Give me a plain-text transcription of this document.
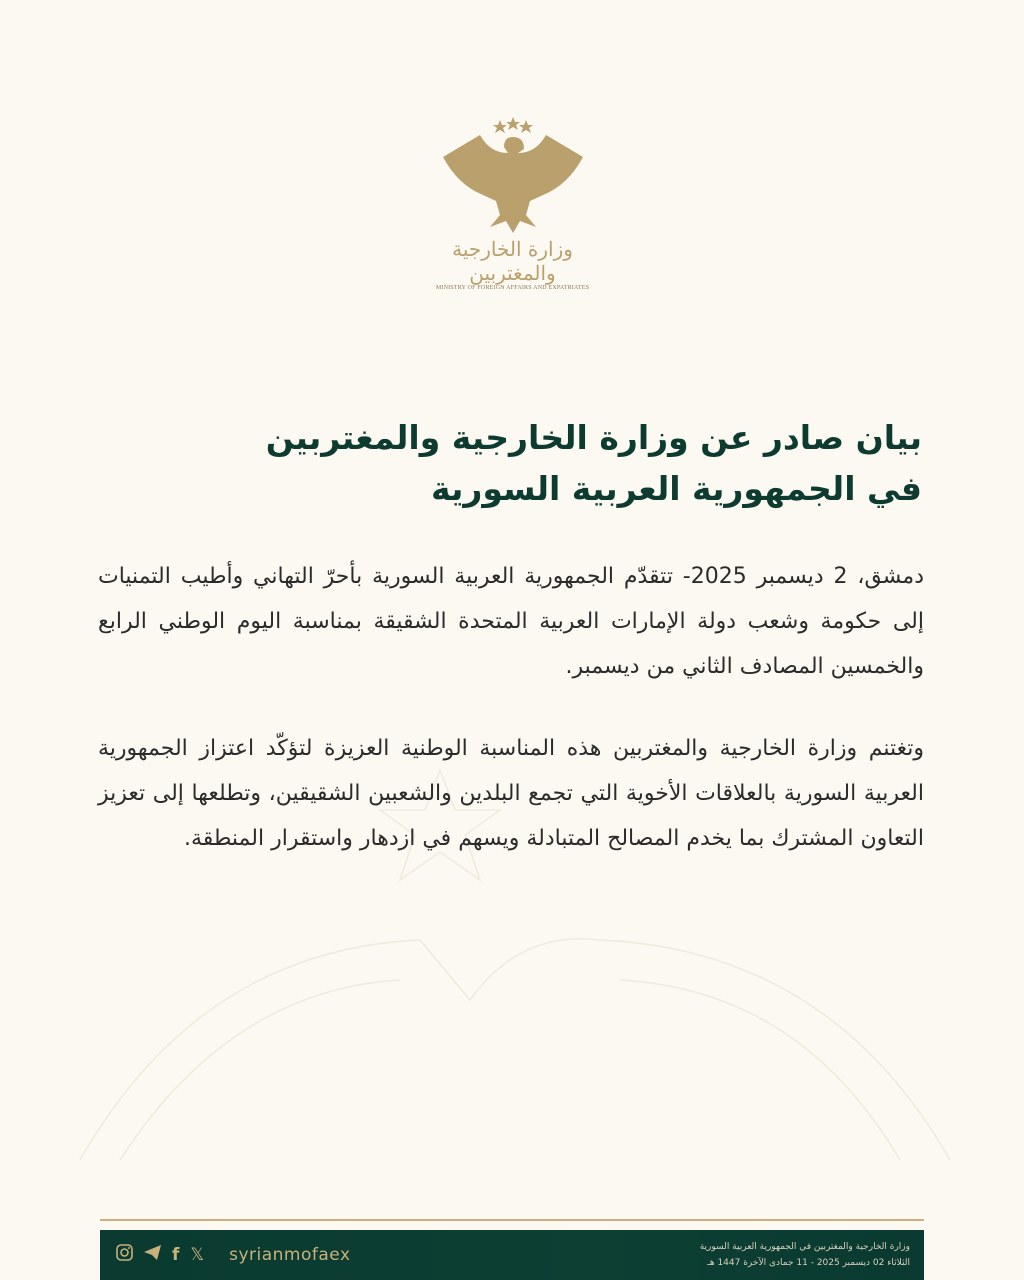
وزارة الخارجية والمغتربين
MINISTRY OF FOREIGN AFFAIRS AND EXPATRIATES
بيان صادر عن وزارة الخارجية والمغتربين
في الجمهورية العربية السورية
دمشق، 2 ديسمبر 2025- تتقدّم الجمهورية العربية السورية بأحرّ التهاني وأطيب التمنيات إلى حكومة وشعب دولة الإمارات العربية المتحدة الشقيقة بمناسبة اليوم الوطني الرابع والخمسين المصادف الثاني من ديسمبر.
وتغتنم وزارة الخارجية والمغتربين هذه المناسبة الوطنية العزيزة لتؤكّد اعتزاز الجمهورية العربية السورية بالعلاقات الأخوية التي تجمع البلدين والشعبين الشقيقين، وتطلعها إلى تعزيز التعاون المشترك بما يخدم المصالح المتبادلة ويسهم في ازدهار واستقرار المنطقة.
f 𝕏 syrianmofaex	وزارة الخارجية والمغتربين في الجمهورية العربية السورية
الثلاثاء 02 ديسمبر 2025 - 11 جمادى الآخرة 1447 هـ
